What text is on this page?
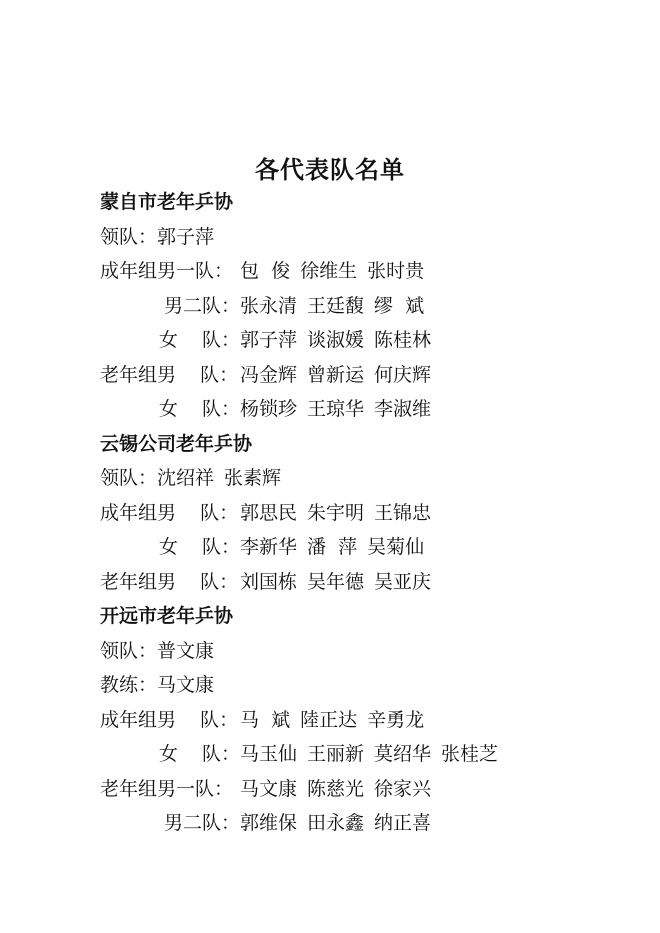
各代表队名单
蒙自市老年乒协
领队：郭子萍
成年组男一队： 包  俊 徐维生 张时贵
男二队：张永清 王廷馥 缪  斌
女    队：郭子萍 谈淑媛 陈桂林
老年组男    队：冯金辉 曾新运 何庆辉
女    队：杨锁珍 王琼华 李淑维
云锡公司老年乒协
领队：沈绍祥 张素辉
成年组男    队：郭思民 朱宇明 王锦忠
女    队：李新华 潘  萍 吴菊仙
老年组男    队：刘国栋 吴年德 吴亚庆
开远市老年乒协
领队：普文康
教练：马文康
成年组男    队：马  斌 陸正达 辛勇龙
女    队：马玉仙 王丽新 莫绍华 张桂芝
老年组男一队： 马文康 陈慈光 徐家兴
男二队：郭维保 田永鑫 纳正喜
